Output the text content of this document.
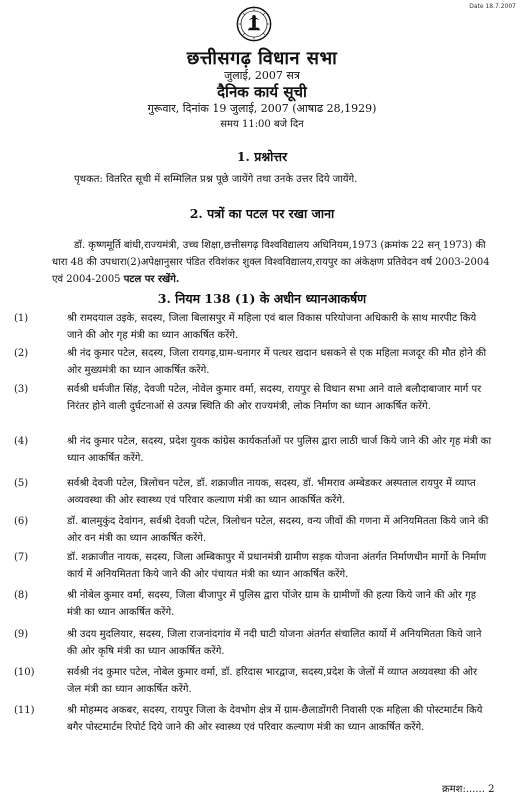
Date 18.7.2007
छत्तीसगढ़ विधान सभा
जुलाई, 2007 सत्र
दैनिक कार्य सूची
गुरूवार, दिनांक 19 जुलाई, 2007 (आषाढ 28,1929)
समय 11:00 बजे दिन
1. प्रश्नोत्तर
पृथकत: वितरित सूची में सम्मिलित प्रश्न पूछे जायेंगे तथा उनके उत्तर दिये जायेंगे.
2. पत्रों का पटल पर रखा जाना
डॉ. कृष्णमूर्ति बांधी,राज्यमंत्री, उच्च शिक्षा,छत्तीसगढ़ विश्वविद्यालय अधिनियम,1973 (क्रमांक 22 सन् 1973) की धारा 48 की उपधारा(2)अपेक्षानुसार पंडित रविशंकर शुक्ल विश्वविद्यालय,रायपुर का अंकेक्षण प्रतिवेदन वर्ष 2003-2004 एवं 2004-2005 पटल पर रखेंगे.
3. नियम 138 (1) के अधीन ध्यानआकर्षण
(1)	श्री रामदयाल उइके, सदस्य, जिला बिलासपुर में महिला एवं बाल विकास परियोजना अधिकारी के साथ मारपीट किये जाने की ओर गृह मंत्री का ध्यान आकर्षित करेंगे.
(2)	श्री नंद कुमार पटेल, सदस्य, जिला रायगढ़,ग्राम-धनागर में पत्थर खदान धसकने से एक महिला मजदूर की मौत होने की ओर मुख्यमंत्री का ध्यान आकर्षित करेंगे.
(3)	सर्वश्री धर्मजीत सिंह, देवजी पटेल, नोवेल कुमार वर्मा, सदस्य, रायपुर से विधान सभा आने वाले बलौदाबाजार मार्ग पर निरंतर होने वाली दुर्घटनाओं से उत्पन्न स्थिति की ओर राज्यमंत्री, लोक निर्माण का ध्यान आकर्षित करेंगे.
(4)	श्री नंद कुमार पटेल, सदस्य, प्रदेश युवक कांग्रेस कार्यकर्ताओं पर पुलिस द्वारा लाठी चार्ज किये जाने की ओर गृह मंत्री का ध्यान आकर्षित करेंगे.
(5)	सर्वश्री देवजी पटेल, त्रिलोचन पटेल, डॉ. शक्राजीत नायक, सदस्य, डॉ. भीमराव अम्बेडकर अस्पताल रायपुर में व्याप्त अव्यवस्था की ओर स्वास्थ्य एवं परिवार कल्याण मंत्री का ध्यान आकर्षित करेंगे.
(6)	डॉ. बालमुकुंद देवांगन, सर्वश्री देवजी पटेल, त्रिलोचन पटेल, सदस्य, वन्य जीवों की गणना में अनियमितता किये जाने की ओर वन मंत्री का ध्यान आकर्षित करेंगे.
(7)	डॉ. शक्राजीत नायक, सदस्य, जिला अम्बिकापुर में प्रधानमंत्री ग्रामीण सड़क योजना अंतर्गत निर्माणधीन मार्गो के निर्माण कार्य में अनियमितता किये जाने की ओर पंचायत मंत्री का ध्यान आकर्षित करेंगे.
(8)	श्री नोबेल कुमार वर्मा, सदस्य, जिला बीजापुर में पुलिस द्वारा पोंजेर ग्राम के ग्रामीणों की हत्या किये जाने की ओर गृह मंत्री का ध्यान आकर्षित करेंगे.
(9)	श्री उदय मुदलियार, सदस्य, जिला राजनांदगांव में नदी घाटी योजना अंतर्गत संचालित कार्यो में अनियमितता किये जाने की ओर कृषि मंत्री का ध्यान आकर्षित करेंगे.
(10)	सर्वश्री नंद कुमार पटेल, नोबेल कुमार वर्मा, डॉ. हरिदास भारद्वाज, सदस्य,प्रदेश के जेलों में व्याप्त अव्यवस्था की ओर जेल मंत्री का ध्यान आकर्षित करेंगे.
(11)	श्री मोहम्मद अकबर, सदस्य, रायपुर जिला के देवभोग क्षेत्र में ग्राम-छैलाडोंगरी निवासी एक महिला की पोस्टमार्टम किये बगैर पोस्टमार्टम रिपोर्ट दिये जाने की ओर स्वास्थ्य एवं परिवार कल्याण मंत्री का ध्यान आकर्षित करेंगे.
क्रमश:...... 2
